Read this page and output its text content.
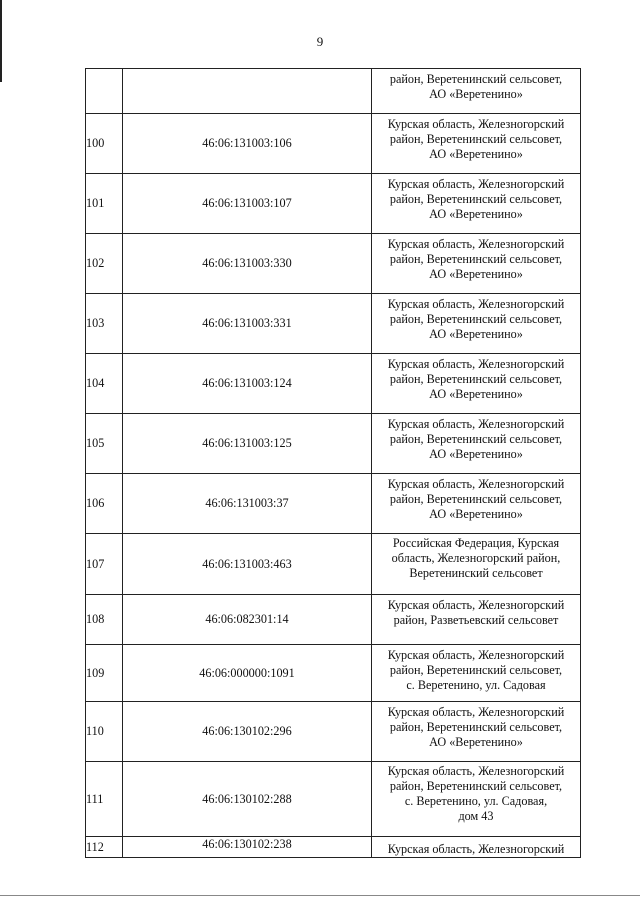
9

		район, Веретенинский сельсовет,
АО «Веретенино»

100	46:06:131003:106	Курская область, Железногорский
район, Веретенинский сельсовет,
АО «Веретенино»

101	46:06:131003:107	Курская область, Железногорский
район, Веретенинский сельсовет,
АО «Веретенино»

102	46:06:131003:330	Курская область, Железногорский
район, Веретенинский сельсовет,
АО «Веретенино»

103	46:06:131003:331	Курская область, Железногорский
район, Веретенинский сельсовет,
АО «Веретенино»

104	46:06:131003:124	Курская область, Железногорский
район, Веретенинский сельсовет,
АО «Веретенино»

105	46:06:131003:125	Курская область, Железногорский
район, Веретенинский сельсовет,
АО «Веретенино»

106	46:06:131003:37	Курская область, Железногорский
район, Веретенинский сельсовет,
АО «Веретенино»

107	46:06:131003:463	Российская Федерация, Курская
область, Железногорский район,
Веретенинский сельсовет

108	46:06:082301:14	Курская область, Железногорский
район, Разветьевский сельсовет

109	46:06:000000:1091	Курская область, Железногорский
район, Веретенинский сельсовет,
с. Веретенино, ул. Садовая

110	46:06:130102:296	Курская область, Железногорский
район, Веретенинский сельсовет,
АО «Веретенино»

111	46:06:130102:288	Курская область, Железногорский
район, Веретенинский сельсовет,
с. Веретенино, ул. Садовая,
дом 43

112	46:06:130102:238	Курская область, Железногорский
